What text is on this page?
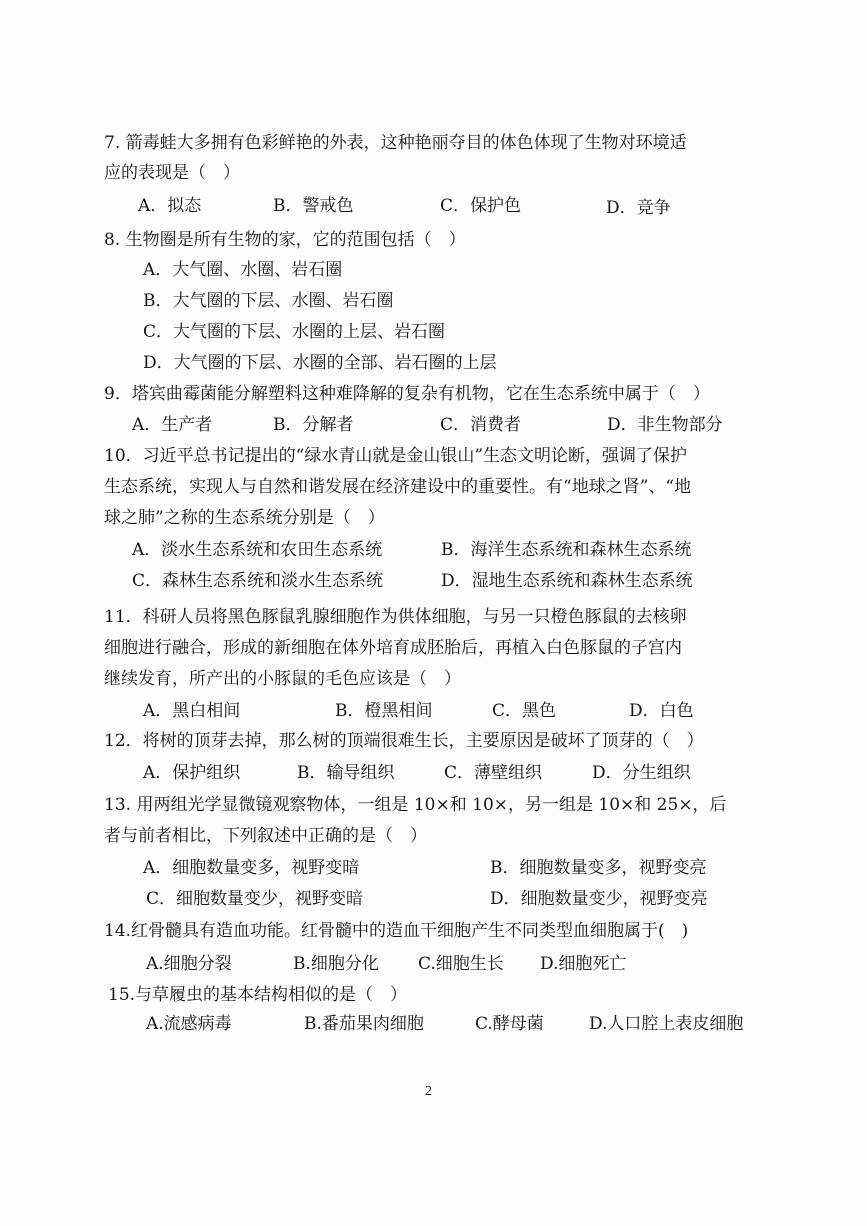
7. 箭毒蛙大多拥有色彩鲜艳的外表，这种艳丽夺目的体色体现了生物对环境适
应的表现是（　）
A．拟态	B．警戒色	C．保护色	D．竞争
8. 生物圈是所有生物的家，它的范围包括（　）
A．大气圈、水圈、岩石圈
B．大气圈的下层、水圈、岩石圈
C．大气圈的下层、水圈的上层、岩石圈
D．大气圈的下层、水圈的全部、岩石圈的上层
9．塔宾曲霉菌能分解塑料这种难降解的复杂有机物，它在生态系统中属于（　）
A．生产者	B．分解者	C．消费者	D．非生物部分
10．习近平总书记提出的“绿水青山就是金山银山”生态文明论断，强调了保护
生态系统，实现人与自然和谐发展在经济建设中的重要性。有“地球之肾”、“地
球之肺”之称的生态系统分别是（　）
A．淡水生态系统和农田生态系统	B．海洋生态系统和森林生态系统
C．森林生态系统和淡水生态系统	D．湿地生态系统和森林生态系统
11．科研人员将黑色豚鼠乳腺细胞作为供体细胞，与另一只橙色豚鼠的去核卵
细胞进行融合，形成的新细胞在体外培育成胚胎后，再植入白色豚鼠的子宫内
继续发育，所产出的小豚鼠的毛色应该是（　）
A．黑白相间	B．橙黑相间	C．黑色	D．白色
12．将树的顶芽去掉，那么树的顶端很难生长，主要原因是破坏了顶芽的（　）
A．保护组织	B．输导组织	C．薄壁组织	D．分生组织
13. 用两组光学显微镜观察物体，一组是 10×和 10×，另一组是 10×和 25×，后
者与前者相比，下列叙述中正确的是（　）
A．细胞数量变多，视野变暗	B．细胞数量变多，视野变亮
C．细胞数量变少，视野变暗	D．细胞数量变少，视野变亮
14.红骨髓具有造血功能。红骨髓中的造血干细胞产生不同类型血细胞属于(　)
A.细胞分裂	B.细胞分化 C.细胞生长 D.细胞死亡
15.与草履虫的基本结构相似的是（　）
A.流感病毒	B.番茄果肉细胞	C.酵母菌	D.人口腔上表皮细胞
2
